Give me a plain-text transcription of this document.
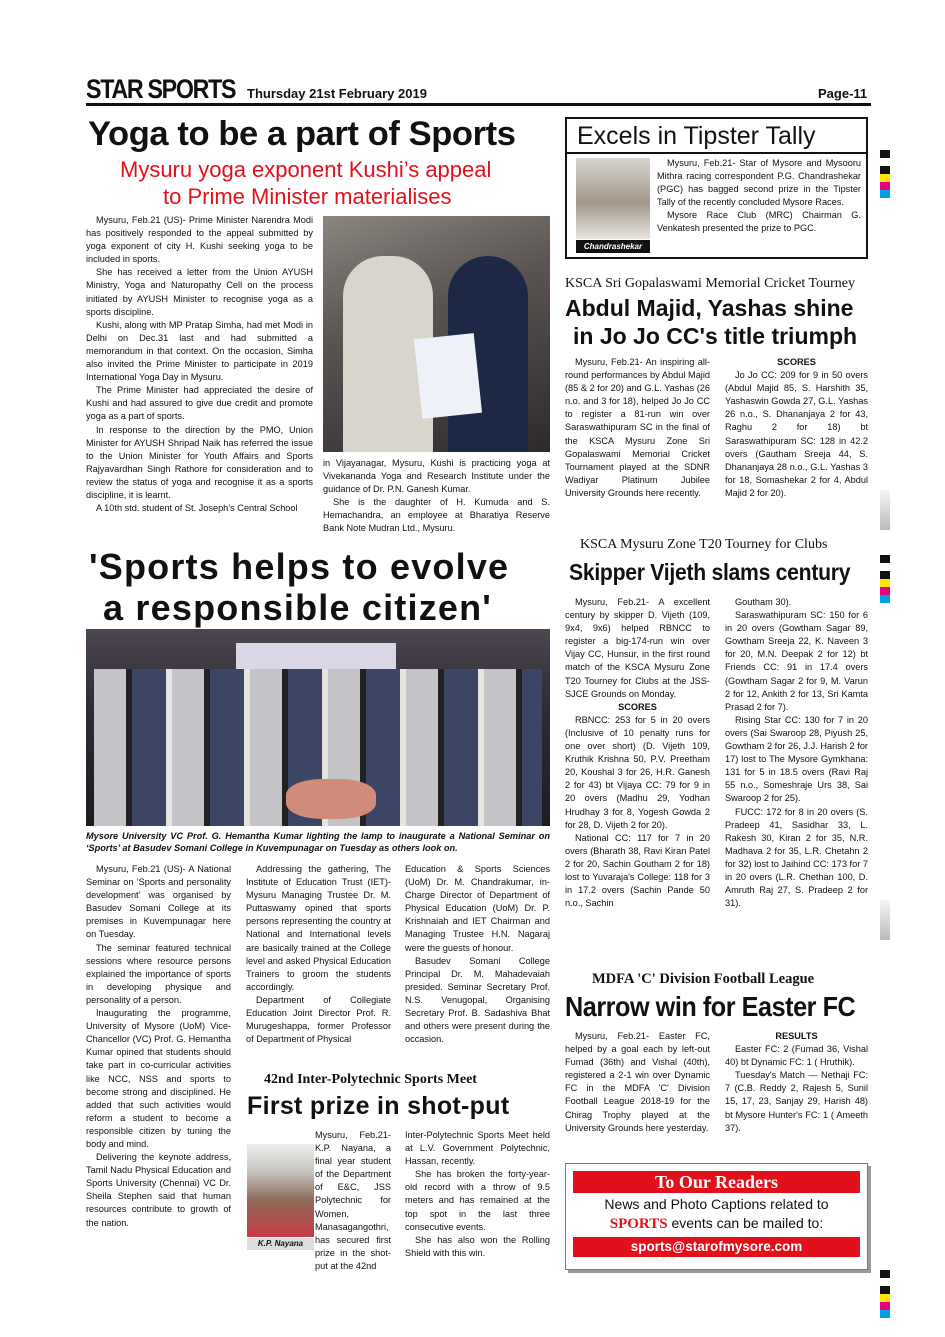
STAR SPORTS Thursday 21st February 2019	Page-11
Yoga to be a part of Sports
Mysuru yoga exponent Kushi’s appeal
to Prime Minister materialises

Mysuru, Feb.21 (US)- Prime Minister Narendra Modi has positively responded to the appeal submitted by yoga exponent of city H. Kushi seeking yoga to be included in sports.

She has received a letter from the Union AYUSH Ministry, Yoga and Naturopathy Cell on the process initiated by AYUSH Minister to recognise yoga as a sports discipline.

Kushi, along with MP Pratap Simha, had met Modi in Delhi on Dec.31 last and had submitted a memorandum in that context. On the occasion, Simha also invited the Prime Minister to participate in 2019 International Yoga Day in Mysuru.

The Prime Minister had appreciated the desire of Kushi and had assured to give due credit and promote yoga as a part of sports.

In response to the direction by the PMO, Union Minister for AYUSH Shripad Naik has referred the issue to the Union Minister for Youth Affairs and Sports Rajyavardhan Singh Rathore for consideration and to review the status of yoga and recognise it as a sports discipline, it is learnt.

A 10th std. student of St. Joseph’s Central School

in Vijayanagar, Mysuru, Kushi is practicing yoga at Vivekananda Yoga and Research Institute under the guidance of Dr. P.N. Ganesh Kumar.

She is the daughter of H. Kumuda and S. Hemachandra, an employee at Bharatiya Reserve Bank Note Mudran Ltd., Mysuru.

Excels in Tipster Tally
Chandrashekar

Mysuru, Feb.21- Star of Mysore and Mysooru Mithra racing correspondent P.G. Chandrashekar (PGC) has bagged second prize in the Tipster Tally of the recently concluded Mysore Races.

Mysore Race Club (MRC) Chairman G. Venkatesh presented the prize to PGC.

KSCA Sri Gopalaswami Memorial Cricket Tourney
Abdul Majid, Yashas shine
in Jo Jo CC's title triumph

Mysuru, Feb.21- An inspiring all-round performances by Abdul Majid (85 & 2 for 20) and G.L. Yashas (26 n.o. and 3 for 18), helped Jo Jo CC to register a 81-run win over Saraswathipuram SC in the final of the KSCA Mysuru Zone Sri Gopalaswami Memorial Cricket Tournament played at the SDNR Wadiyar Platinum Jubilee University Grounds here recently.

SCORES

Jo Jo CC: 209 for 9 in 50 overs (Abdul Majid 85, S. Harshith 35, Yashaswin Gowda 27, G.L. Yashas 26 n.o., S. Dhananjaya 2 for 43, Raghu 2 for 18) bt Saraswathipuram SC: 128 in 42.2 overs (Gautham Sreeja 44, S. Dhananjaya 28 n.o., G.L. Yashas 3 for 18, Somashekar 2 for 4, Abdul Majid 2 for 20).

'Sports helps to evolve
a responsible citizen'
Mysore University VC Prof. G. Hemantha Kumar lighting the lamp to inaugurate a National Seminar on ‘Sports’ at Basudev Somani College in Kuvempunagar on Tuesday as others look on.

Mysuru, Feb.21 (US)- A National Seminar on ‘Sports and personality development’ was organised by Basudev Somani College at its premises in Kuvempunagar here on Tuesday.

The seminar featured technical sessions where resource persons explained the importance of sports in developing physique and personality of a person.

Inaugurating the programme, University of Mysore (UoM) Vice-Chancellor (VC) Prof. G. Hemantha Kumar opined that students should take part in co-curricular activities like NCC, NSS and sports to become strong and disciplined. He added that such activities would reform a student to become a responsible citizen by tuning the body and mind.

Delivering the keynote address, Tamil Nadu Physical Education and Sports University (Chennai) VC Dr. Sheila Stephen said that human resources contribute to growth of the nation.

Addressing the gathering, The Institute of Education Trust (IET)-Mysuru Managing Trustee Dr. M. Puttaswamy opined that sports persons representing the country at National and International levels are basically trained at the College level and asked Physical Education Trainers to groom the students accordingly.

Department of Collegiate Education Joint Director Prof. R. Murugeshappa, former Professor of Department of Physical

Education & Sports Sciences (UoM) Dr. M. Chandrakumar, in-Charge Director of Department of Physical Education (UoM) Dr. P. Krishnaiah and IET Chairman and Managing Trustee H.N. Nagaraj were the guests of honour.

Basudev Somani College Principal Dr. M. Mahadevaiah presided. Seminar Secretary Prof. N.S. Venugopal, Organising Secretary Prof. B. Sadashiva Bhat and others were present during the occasion.

42nd Inter-Polytechnic Sports Meet
First prize in shot-put
K.P. Nayana

Mysuru, Feb.21- K.P. Nayana, a final year student of the Department of E&C, JSS Polytechnic for Women, Manasagangothri, has secured first prize in the shot-put at the 42nd

Inter-Polytechnic Sports Meet held at L.V. Government Polytechnic, Hassan, recently.

She has broken the forty-year-old record with a throw of 9.5 meters and has remained at the top spot in the last three consecutive events.

She has also won the Rolling Shield with this win.

KSCA Mysuru Zone T20 Tourney for Clubs
Skipper Vijeth slams century

Mysuru, Feb.21- A excellent century by skipper D. Vijeth (109, 9x4, 9x6) helped RBNCC to register a big-174-run win over Vijay CC, Hunsur, in the first round match of the KSCA Mysuru Zone T20 Tourney for Clubs at the JSS-SJCE Grounds on Monday.

SCORES

RBNCC: 253 for 5 in 20 overs (Inclusive of 10 penalty runs for one over short) (D. Vijeth 109, Kruthik Krishna 50, P.V. Preetham 20, Koushal 3 for 26, H.R. Ganesh 2 for 43) bt Vijaya CC: 79 for 9 in 20 overs (Madhu 29, Yodhan Hrudhay 3 for 8, Yogesh Gowda 2 for 28, D. Vijeth 2 for 20).

National CC: 117 for 7 in 20 overs (Bharath 38, Ravi Kiran Patel 2 for 20, Sachin Goutham 2 for 18) lost to Yuvaraja's College: 118 for 3 in 17.2 overs (Sachin Pande 50 n.o., Sachin

Goutham 30).

Saraswathipuram SC: 150 for 6 in 20 overs (Gowtham Sagar 89, Gowtham Sreeja 22, K. Naveen 3 for 20, M.N. Deepak 2 for 12) bt Friends CC: 91 in 17.4 overs (Gowtham Sagar 2 for 9, M. Varun 2 for 12, Ankith 2 for 13, Sri Kamta Prasad 2 for 7).

Rising Star CC: 130 for 7 in 20 overs (Sai Swaroop 28, Piyush 25, Gowtham 2 for 26, J.J. Harish 2 for 17) lost to The Mysore Gymkhana: 131 for 5 in 18.5 overs (Ravi Raj 55 n.o., Someshraje Urs 38, Sai Swaroop 2 for 25).

FUCC: 172 for 8 in 20 overs (S. Pradeep 41, Sasidhar 33, L. Rakesh 30, Kiran 2 for 35, N.R. Madhava 2 for 35, L.R. Chetahn 2 for 32) lost to Jaihind CC: 173 for 7 in 20 overs (L.R. Chethan 100, D. Amruth Raj 27, S. Pradeep 2 for 31).

MDFA 'C' Division Football League
Narrow win for Easter FC

Mysuru, Feb.21- Easter FC, helped by a goal each by left-out Fumad (36th) and Vishal (40th), registered a 2-1 win over Dynamic FC in the MDFA 'C' Division Football League 2018-19 for the Chirag Trophy played at the University Grounds here yesterday.

RESULTS

Easter FC: 2 (Fumad 36, Vishal 40) bt Dynamic FC: 1 ( Hruthik).

Tuesday's Match — Nethaji FC: 7 (C.B. Reddy 2, Rajesh 5, Sunil 15, 17, 23, Sanjay 29, Harish 48) bt Mysore Hunter's FC: 1 ( Ameeth 37).

To Our Readers
News and Photo Captions related to
SPORTS events can be mailed to:
sports@starofmysore.com
